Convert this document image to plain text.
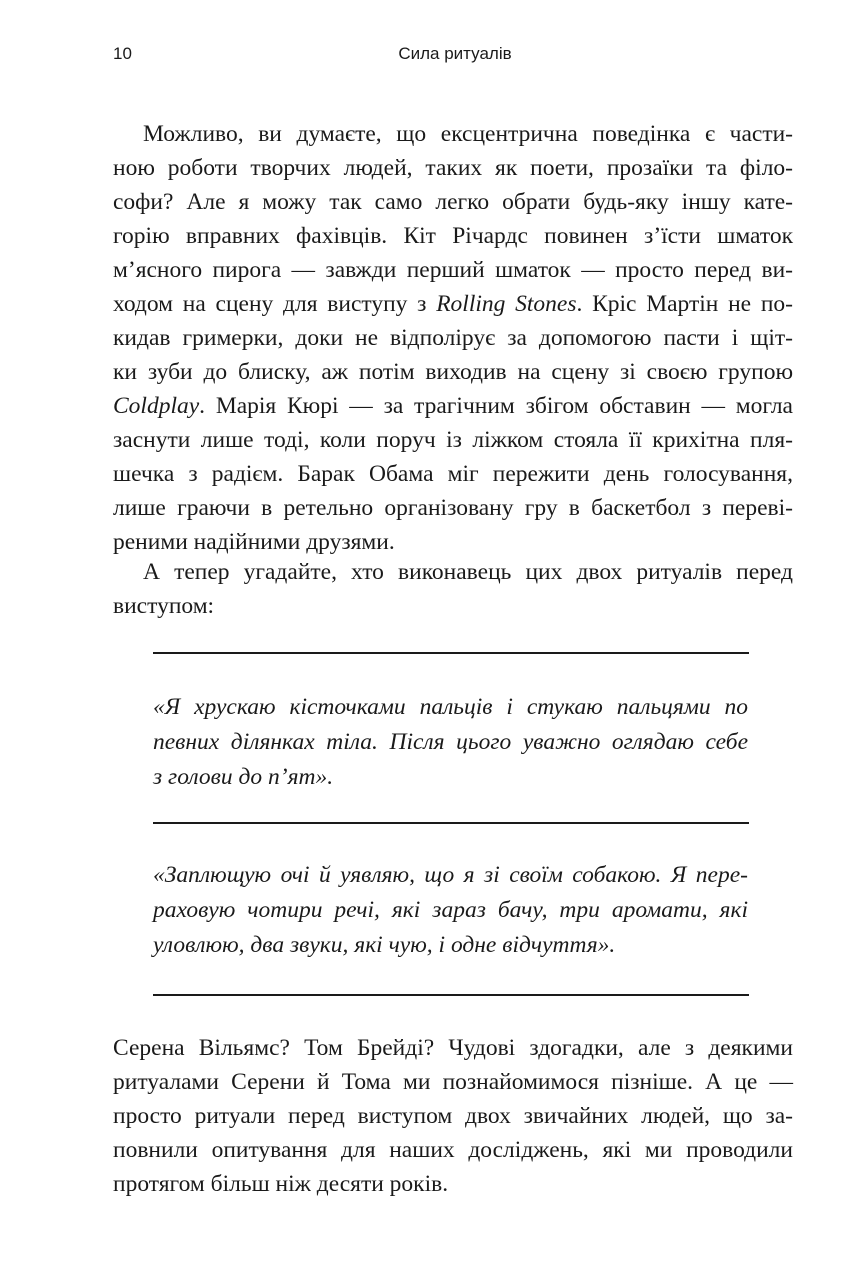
10	Сила ритуалів
Можливо, ви думаєте, що ексцентрична поведінка є части-
ною роботи творчих людей, таких як поети, прозаїки та філо-
софи? Але я можу так само легко обрати будь-яку іншу кате-
горію вправних фахівців. Кіт Річардс повинен з’їсти шматок
м’ясного пирога — завжди перший шматок — просто перед ви-
ходом на сцену для виступу з Rolling Stones. Кріс Мартін не по-
кидав гримерки, доки не відполірує за допомогою пасти і щіт-
ки зуби до блиску, аж потім виходив на сцену зі своєю групою
Coldplay. Марія Кюрі — за трагічним збігом обставин — могла
заснути лише тоді, коли поруч із ліжком стояла її крихітна пля-
шечка з радієм. Барак Обама міг пережити день голосування,
лише граючи в ретельно організовану гру в баскетбол з переві-
реними надійними друзями.
А тепер угадайте, хто виконавець цих двох ритуалів перед
виступом:
«Я хрускаю кісточками пальців і стукаю пальцями по
певних ділянках тіла. Після цього уважно оглядаю себе
з голови до п’ят».
«Заплющую очі й уявляю, що я зі своїм собакою. Я пере-
раховую чотири речі, які зараз бачу, три аромати, які
уловлюю, два звуки, які чую, і одне відчуття».
Серена Вільямс? Том Брейді? Чудові здогадки, але з деякими
ритуалами Серени й Тома ми познайомимося пізніше. А це —
просто ритуали перед виступом двох звичайних людей, що за-
повнили опитування для наших досліджень, які ми проводили
протягом більш ніж десяти років.
